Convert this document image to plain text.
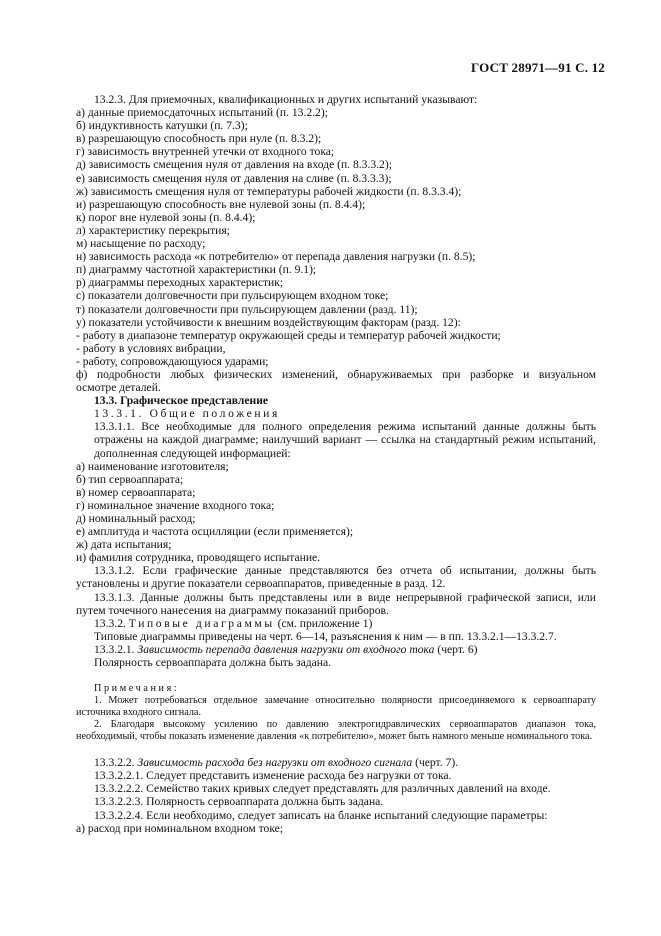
ГОСТ 28971—91 С. 12
13.2.3. Для приемочных, квалификационных и других испытаний указывают:
а) данные приемосдаточных испытаний (п. 13.2.2);
б) индуктивность катушки (п. 7.3);
в) разрешающую способность при нуле (п. 8.3.2);
г) зависимость внутренней утечки от входного тока;
д) зависимость смещения нуля от давления на входе (п. 8.3.3.2);
е) зависимость смещения нуля от давления на сливе (п. 8.3.3.3);
ж) зависимость смещения нуля от температуры рабочей жидкости (п. 8.3.3.4);
и) разрешающую способность вне нулевой зоны (п. 8.4.4);
к) порог вне нулевой зоны (п. 8.4.4);
л) характеристику перекрытия;
м) насыщение по расходу;
н) зависимость расхода «к потребителю» от перепада давления нагрузки (п. 8.5);
п) диаграмму частотной характеристики (п. 9.1);
р) диаграммы переходных характеристик;
с) показатели долговечности при пульсирующем входном токе;
т) показатели долговечности при пульсирующем давлении (разд. 11);
у) показатели устойчивости к внешним воздействующим факторам (разд. 12):
- работу в диапазоне температур окружающей среды и температур рабочей жидкости;
- работу в условиях вибрации,
- работу, сопровождающуюся ударами;
ф) подробности любых физических изменений, обнаруживаемых при разборке и визуальном
осмотре деталей.
13.3. Графическое представление
13.3.1. Общие положения
13.3.1.1. Все необходимые для полного определения режима испытаний данные должны быть отражены на каждой диаграмме; наилучший вариант — ссылка на стандартный режим испытаний, дополненная следующей информацией:
а) наименование изготовителя;
б) тип сервоаппарата;
в) номер сервоаппарата;
г) номинальное значение входного тока;
д) номинальный расход;
е) амплитуда и частота осцилляции (если применяется);
ж) дата испытания;
и) фамилия сотрудника, проводящего испытание.
13.3.1.2. Если графические данные представляются без отчета об испытании, должны быть установлены и другие показатели сервоаппаратов, приведенные в разд. 12.
13.3.1.3. Данные должны быть представлены или в виде непрерывной графической записи, или путем точечного нанесения на диаграмму показаний приборов.
13.3.2. Типовые диаграммы (см. приложение 1)
Типовые диаграммы приведены на черт. 6—14, разъяснения к ним — в пп. 13.3.2.1—13.3.2.7.
13.3.2.1. Зависимость перепада давления нагрузки от входного тока (черт. 6)
Полярность сервоаппарата должна быть задана.
Примечания:
1. Может потребоваться отдельное замечание относительно полярности присоединяемого к сервоаппарату источника входного сигнала.
2. Благодаря высокому усилению по давлению электрогидравлических сервоаппаратов диапазон тока, необходимый, чтобы показать изменение давления «к потребителю», может быть намного меньше номинального тока.
13.3.2.2. Зависимость расхода без нагрузки от входного сигнала (черт. 7).
13.3.2.2.1. Следует представить изменение расхода без нагрузки от тока.
13.3.2.2.2. Семейство таких кривых следует представлять для различных давлений на входе.
13.3.2.2.3. Полярность сервоаппарата должна быть задана.
13.3.2.2.4. Если необходимо, следует записать на бланке испытаний следующие параметры:
а) расход при номинальном входном токе;
